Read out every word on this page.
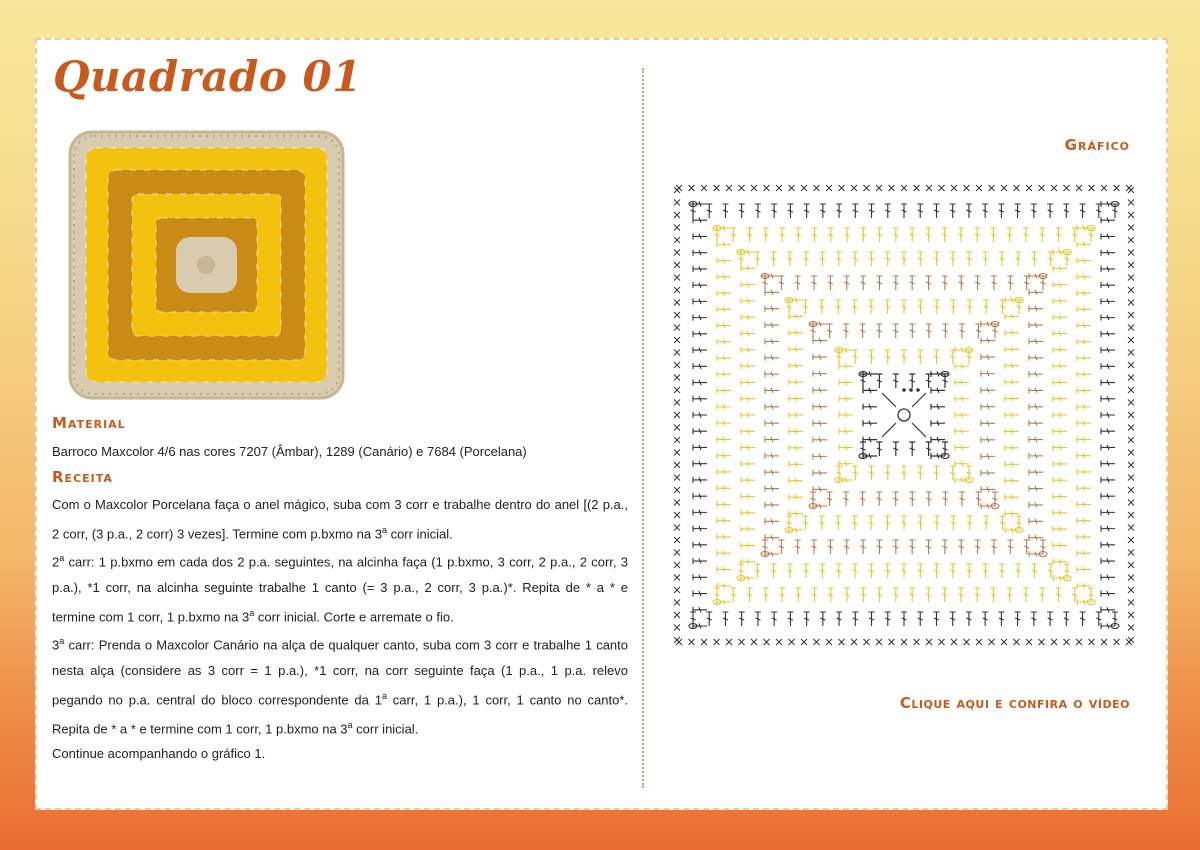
Quadrado 01
Material

Barroco Maxcolor 4/6 nas cores 7207 (Âmbar), 1289 (Canário) e 7684 (Porcelana)

Receita

Com o Maxcolor Porcelana faça o anel mágico, suba com 3 corr e trabalhe dentro do anel [(2 p.a., 2 corr, (3 p.a., 2 corr) 3 vezes]. Termine com p.bxmo na 3$^a$ corr inicial.

2$^a$ carr: 1 p.bxmo em cada dos 2 p.a. seguintes, na alcinha faça (1 p.bxmo, 3 corr, 2 p.a., 2 corr, 3 p.a.), *1 corr, na alcinha seguinte trabalhe 1 canto (= 3 p.a., 2 corr, 3 p.a.)*. Repita de * a * e termine com 1 corr, 1 p.bxmo na 3$^a$ corr inicial. Corte e arremate o fio.

3$^a$ carr: Prenda o Maxcolor Canário na alça de qualquer canto, suba com 3 corr e trabalhe 1 canto nesta alça (considere as 3 corr = 1 p.a.), *1 corr, na corr seguinte faça (1 p.a., 1 p.a. relevo pegando no p.a. central do bloco correspondente da 1$^a$ carr, 1 p.a.), 1 corr, 1 canto no canto*. Repita de * a * e termine com 1 corr, 1 p.bxmo na 3$^a$ corr inicial.

Continue acompanhando o gráfico 1.

Gráfico
Clique aqui e confira o vídeo
